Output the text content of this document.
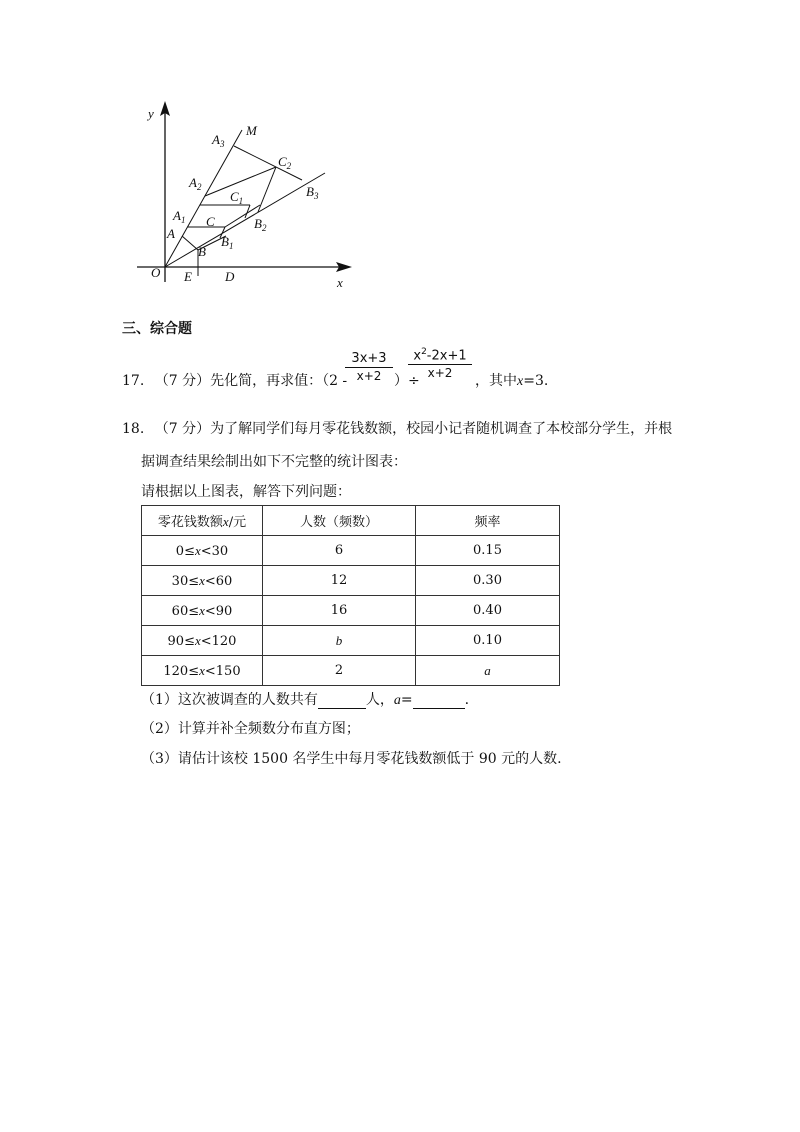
y
x
O E	D
A
B
C
$A_1$
$B_1$
$C_1$
$A_2$
$B_2$
$C_2$
$A_3$
$B_3$
M
三、综合题
17. （7 分）先化简，再求值：（2 -
$\frac{3x+3}{x+2}$ ）÷
$\frac{x^2-2x+1}{x+2}$
，其中x=3.
18. （7 分）为了解同学们每月零花钱数额，校园小记者随机调查了本校部分学生，并根
据调查结果绘制出如下不完整的统计图表：
请根据以上图表，解答下列问题：
零花钱数额x/元	人数（频数）	频率
0≤x<30	6	0.15
30≤x<60	12	0.30
60≤x<90	16	0.40
90≤x<120	b	0.10
120≤x<150	2	a
（1）这次被调查的人数共有	人，a=	.
（2）计算并补全频数分布直方图；
（3）请估计该校 1500 名学生中每月零花钱数额低于 90 元的人数.
